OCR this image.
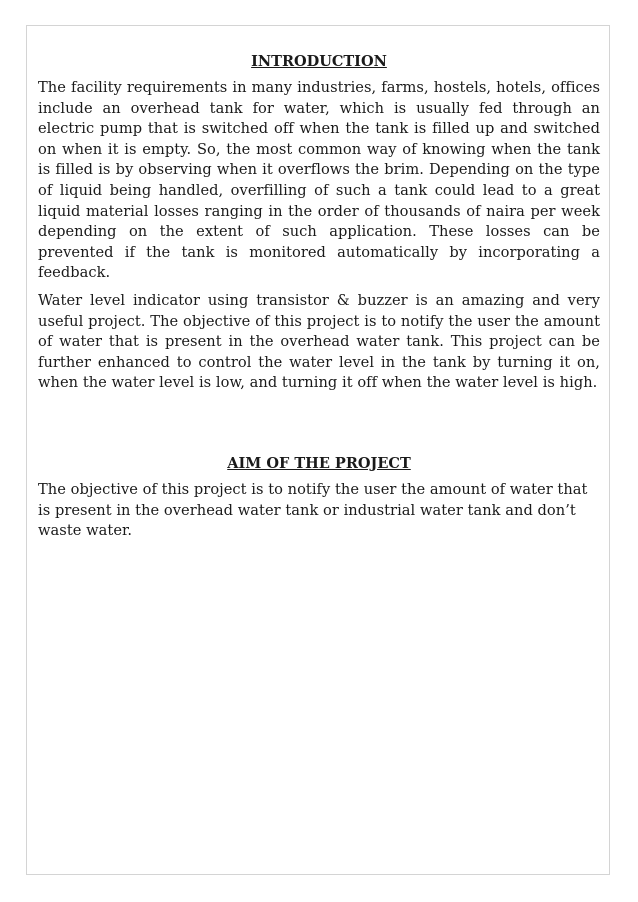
INTRODUCTION

The facility requirements in many industries, farms, hostels, hotels, offices include an overhead tank for water, which is usually fed through an electric pump that is switched off when the tank is filled up and switched on when it is empty. So, the most common way of knowing when the tank is filled is by observing when it overflows the brim. Depending on the type of liquid being handled, overfilling of such a tank could lead to a great liquid material losses ranging in the order of thousands of naira per week depending on the extent of such application. These losses can be prevented if the tank is monitored automatically by incorporating a feedback.

Water level indicator using transistor & buzzer is an amazing and very useful project. The objective of this project is to notify the user the amount of water that is present in the overhead water tank. This project can be further enhanced to control the water level in the tank by turning it on, when the water level is low, and turning it off when the water level is high.

AIM OF THE PROJECT

The objective of this project is to notify the user the amount of water that is present in the overhead water tank or industrial water tank and don’t waste water.
